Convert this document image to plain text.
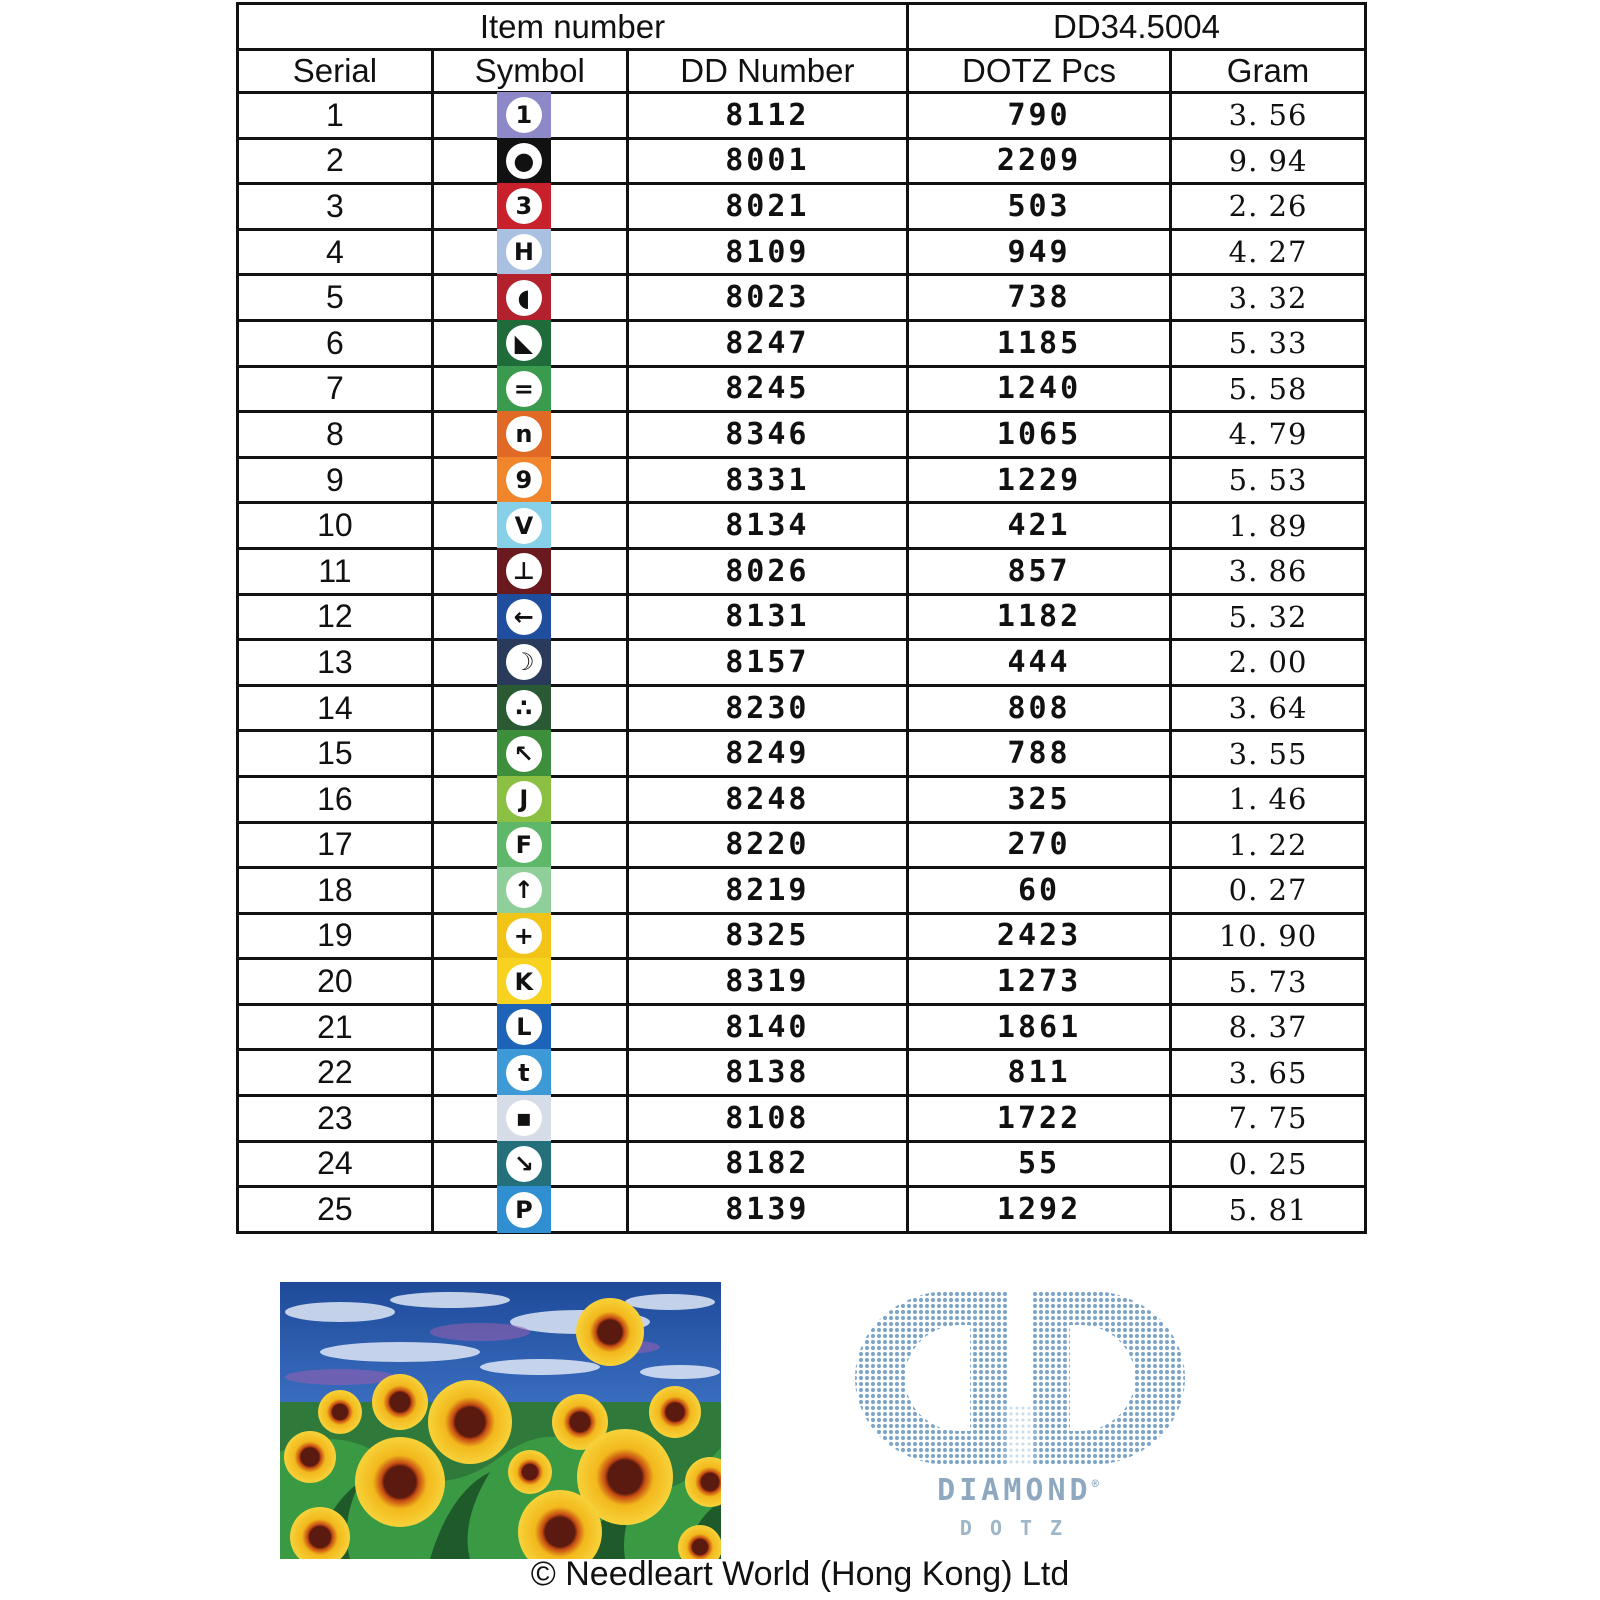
Item number			DD34.5004	
Serial	Symbol	DD Number	DOTZ Pcs	Gram
1	1	8112	790	3. 56
2	●	8001	2209	9. 94
3	3	8021	503	2. 26
4	H	8109	949	4. 27
5	◖	8023	738	3. 32
6	◣	8247	1185	5. 33
7	=	8245	1240	5. 58
8	n	8346	1065	4. 79
9	9	8331	1229	5. 53
10	V	8134	421	1. 89
11	⊥	8026	857	3. 86
12	←	8131	1182	5. 32
13	☽	8157	444	2. 00
14	∴	8230	808	3. 64
15	↖	8249	788	3. 55
16	J	8248	325	1. 46
17	F	8220	270	1. 22
18	↑	8219	60	0. 27
19	+	8325	2423	10. 90
20	K	8319	1273	5. 73
21	L	8140	1861	8. 37
22	t	8138	811	3. 65
23	▪	8108	1722	7. 75
24	↘	8182	55	0. 25
25	P	8139	1292	5. 81
DIAMOND®
DOTZ
© Needleart World (Hong Kong) Ltd
